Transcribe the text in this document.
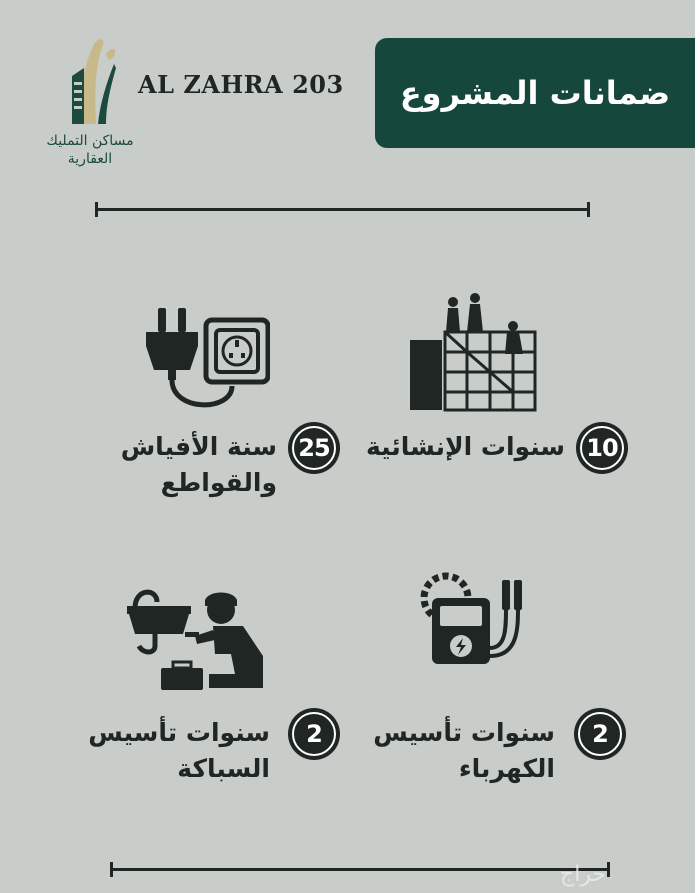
مساكن التمليك
العقارية
AL ZAHRA 203 ضمانات المشروع
10
25
2
2
سنوات الإنشائية
سنة الأفياش
والقواطع
سنوات تأسيس
الكهرباء
سنوات تأسيس
السباكة
حراج
